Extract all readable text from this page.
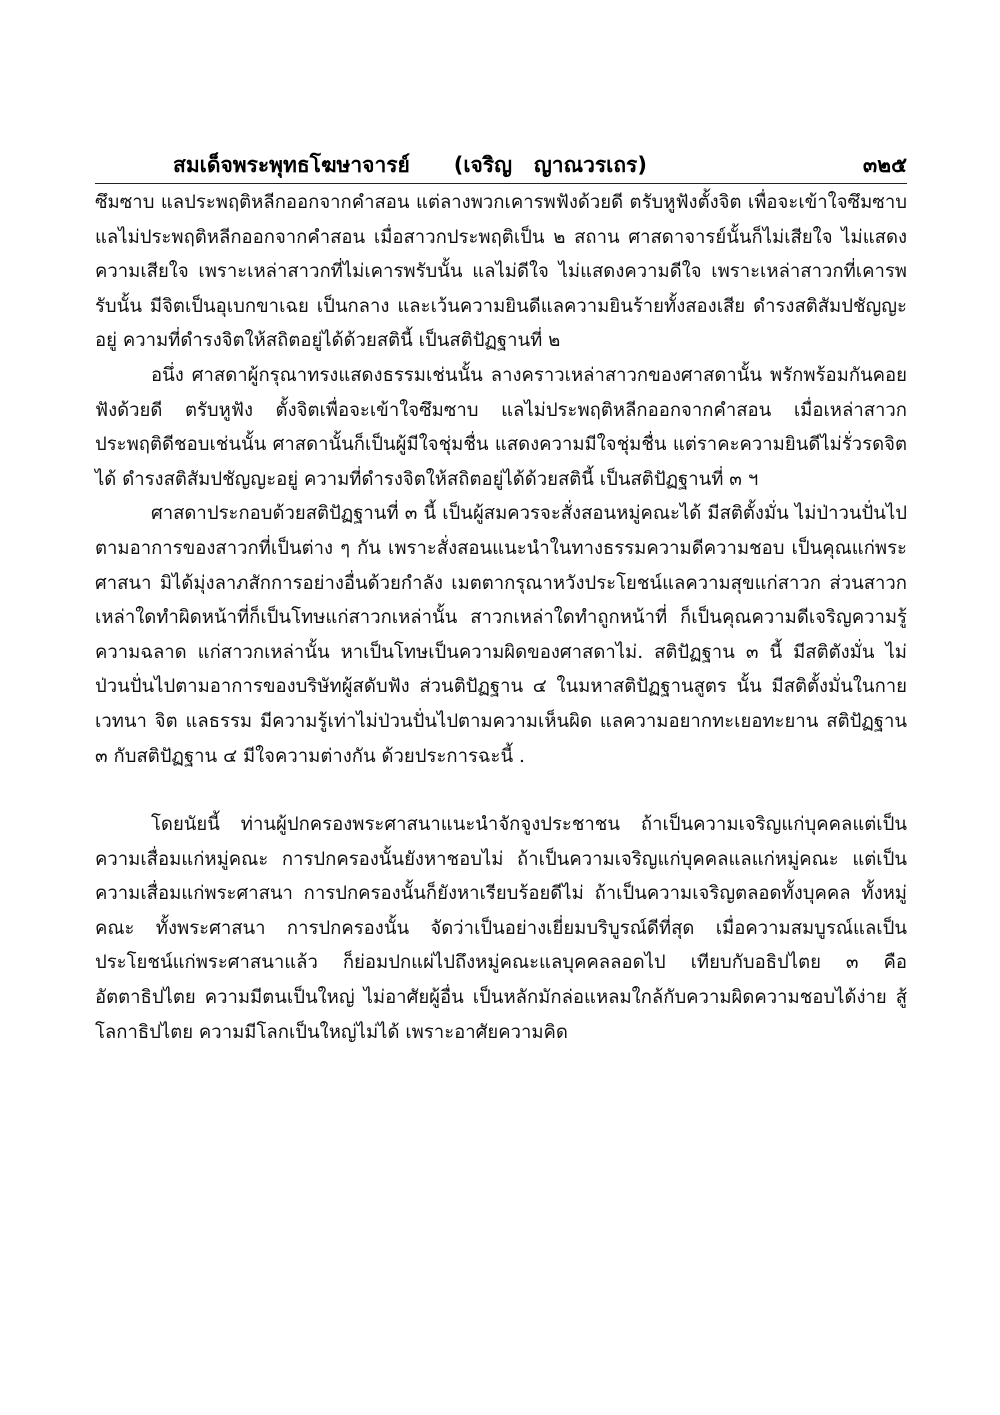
สมเด็จพระพุทธโฆษาจารย์      (เจริญ   ญาณวรเถร)	๓๒๕

ซึมซาบ แลประพฤติหลีกออกจากคำสอน แต่ลางพวกเคารพฟังด้วยดี ตรับหูฟังตั้งจิต เพื่อจะเข้าใจซึมซาบ แลไม่ประพฤติหลีกออกจากคำสอน เมื่อสาวกประพฤติเป็น ๒ สถาน ศาสดาจารย์นั้นก็ไม่เสียใจ ไม่แสดงความเสียใจ เพราะเหล่าสาวกที่ไม่เคารพรับนั้น แลไม่ดีใจ ไม่แสดงความดีใจ เพราะเหล่าสาวกที่เคารพรับนั้น มีจิตเป็นอุเบกขาเฉย เป็นกลาง และเว้นความยินดีแลความยินร้ายทั้งสองเสีย ดำรงสติสัมปชัญญะอยู่ ความที่ดำรงจิตให้สถิตอยู่ได้ด้วยสตินี้ เป็นสติปัฏฐานที่ ๒

อนึ่ง ศาสดาผู้กรุณาทรงแสดงธรรมเช่นนั้น ลางคราวเหล่าสาวกของศาสดานั้น พรักพร้อมกันคอยฟังด้วยดี ตรับหูฟัง ตั้งจิตเพื่อจะเข้าใจซึมซาบ แลไม่ประพฤติหลีกออกจากคำสอน เมื่อเหล่าสาวกประพฤติดีชอบเช่นนั้น ศาสดานั้นก็เป็นผู้มีใจชุ่มชื่น แสดงความมีใจชุ่มชื่น แต่ราคะความยินดีไม่รั่วรดจิตได้ ดำรงสติสัมปชัญญะอยู่ ความที่ดำรงจิตให้สถิตอยู่ได้ด้วยสตินี้ เป็นสติปัฏฐานที่ ๓ ฯ

ศาสดาประกอบด้วยสติปัฏฐานที่ ๓ นี้ เป็นผู้สมควรจะสั่งสอนหมู่คณะได้ มีสติตั้งมั่น ไม่ป่าวนปั่นไปตามอาการของสาวกที่เป็นต่าง ๆ กัน เพราะสั่งสอนแนะนำในทางธรรมความดีความชอบ เป็นคุณแก่พระศาสนา มิได้มุ่งลาภสักการอย่างอื่นด้วยกำลัง เมตตากรุณาหวังประโยชน์แลความสุขแก่สาวก ส่วนสาวกเหล่าใดทำผิดหน้าที่ก็เป็นโทษแก่สาวกเหล่านั้น สาวกเหล่าใดทำถูกหน้าที่ ก็เป็นคุณความดีเจริญความรู้ความฉลาด แก่สาวกเหล่านั้น หาเป็นโทษเป็นความผิดของศาสดาไม่. สติปัฏฐาน ๓ นี้ มีสติตังมั่น ไม่ป่วนปั่นไปตามอาการของบริษัทผู้สดับฟัง ส่วนติปัฏฐาน ๔ ในมหาสติปัฏฐานสูตร นั้น มีสติตั้งมั่นในกาย เวทนา จิต แลธรรม มีความรู้เท่าไม่ป่วนปั่นไปตามความเห็นผิด แลความอยากทะเยอทะยาน สติปัฏฐาน ๓ กับสติปัฏฐาน ๔ มีใจความต่างกัน ด้วยประการฉะนี้ .

โดยนัยนี้ ท่านผู้ปกครองพระศาสนาแนะนำจักจูงประชาชน ถ้าเป็นความเจริญแก่บุคคลแต่เป็นความเสื่อมแก่หมู่คณะ การปกครองนั้นยังหาชอบไม่ ถ้าเป็นความเจริญแก่บุคคลแลแก่หมู่คณะ แต่เป็นความเสื่อมแก่พระศาสนา การปกครองนั้นก็ยังหาเรียบร้อยดีไม่ ถ้าเป็นความเจริญตลอดทั้งบุคคล ทั้งหมู่คณะ ทั้งพระศาสนา การปกครองนั้น จัดว่าเป็นอย่างเยี่ยมบริบูรณ์ดีที่สุด เมื่อความสมบูรณ์แลเป็นประโยชน์แก่พระศาสนาแล้ว ก็ย่อมปกแผ่ไปถึงหมู่คณะแลบุคคลลอดไป เทียบกับอธิปไตย ๓ คือ อัตตาธิปไตย ความมีตนเป็นใหญ่ ไม่อาศัยผู้อื่น เป็นหลักมักล่อแหลมใกล้กับความผิดความชอบได้ง่าย สู้โลกาธิปไตย ความมีโลกเป็นใหญ่ไม่ได้ เพราะอาศัยความคิด
